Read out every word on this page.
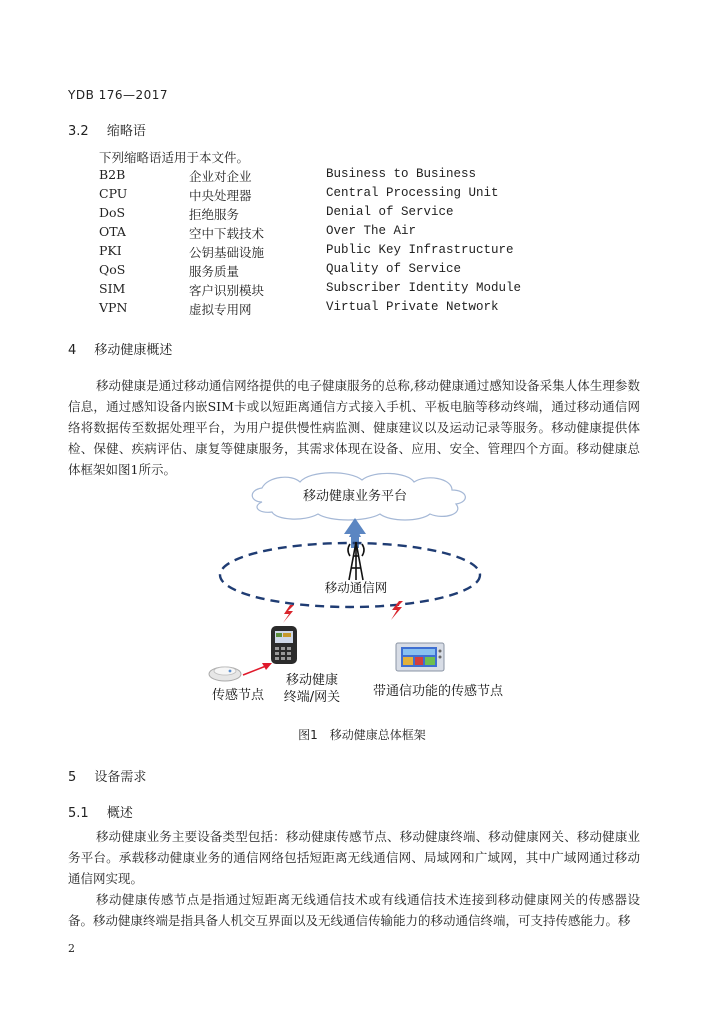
YDB 176—2017
3.2 缩略语
下列缩略语适用于本文件。
B2B	企业对企业	Business to Business
CPU	中央处理器	Central Processing Unit
DoS	拒绝服务	Denial of Service
OTA	空中下载技术	Over The Air
PKI	公钥基础设施	Public Key Infrastructure
QoS	服务质量	Quality of Service
SIM	客户识别模块	Subscriber Identity Module
VPN	虚拟专用网	Virtual Private Network
4 移动健康概述

移动健康是通过移动通信网络提供的电子健康服务的总称,移动健康通过感知设备采集人体生理参数信息，通过感知设备内嵌SIM卡或以短距离通信方式接入手机、平板电脑等移动终端，通过移动通信网络将数据传至数据处理平台，为用户提供慢性病监测、健康建议以及运动记录等服务。移动健康提供体检、保健、疾病评估、康复等健康服务，其需求体现在设备、应用、安全、管理四个方面。移动健康总体框架如图1所示。

移动健康业务平台
移动通信网
传感节点
移动健康
终端/网关	带通信功能的传感节点
图1　移动健康总体框架
5 设备需求
5.1 概述

移动健康业务主要设备类型包括：移动健康传感节点、移动健康终端、移动健康网关、移动健康业务平台。承载移动健康业务的通信网络包括短距离无线通信网、局域网和广域网，其中广域网通过移动通信网实现。

移动健康传感节点是指通过短距离无线通信技术或有线通信技术连接到移动健康网关的传感器设备。移动健康终端是指具备人机交互界面以及无线通信传输能力的移动通信终端，可支持传感能力。移

2
